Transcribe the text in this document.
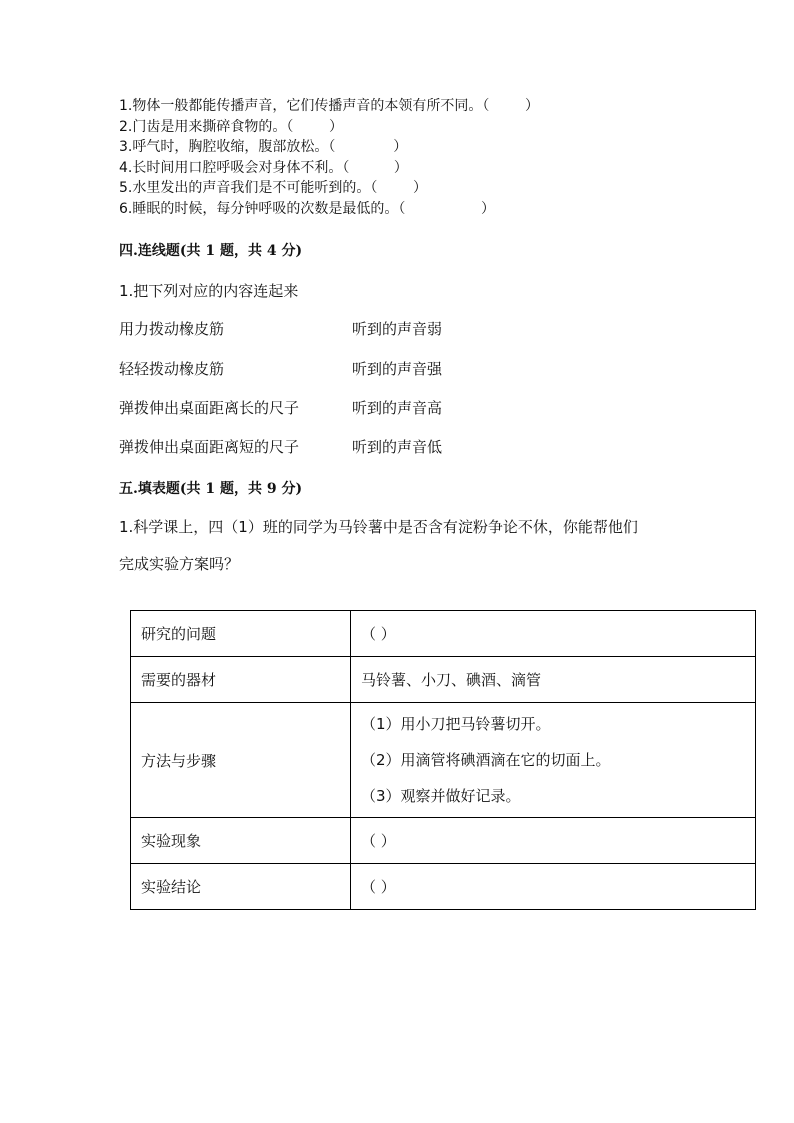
1.物体一般都能传播声音，它们传播声音的本领有所不同。（        ）
2.门齿是用来撕碎食物的。（        ）
3.呼气时，胸腔收缩，腹部放松。（             ）
4.长时间用口腔呼吸会对身体不利。（          ）
5.水里发出的声音我们是不可能听到的。（        ）
6.睡眠的时候，每分钟呼吸的次数是最低的。（                 ）
四.连线题(共 1 题，共 4 分)
1.把下列对应的内容连起来
用力拨动橡皮筋	听到的声音弱
轻轻拨动橡皮筋	听到的声音强
弹拨伸出桌面距离长的尺子	听到的声音高
弹拨伸出桌面距离短的尺子	听到的声音低
五.填表题(共 1 题，共 9 分)
1.科学课上，四（1）班的同学为马铃薯中是否含有淀粉争论不休，你能帮他们
完成实验方案吗？
研究的问题	（ ）
需要的器材	马铃薯、小刀、碘酒、滴管
方法与步骤	（1）用小刀把马铃薯切开。
（2）用滴管将碘酒滴在它的切面上。
（3）观察并做好记录。

实验现象	（ ）
实验结论	（ ）
